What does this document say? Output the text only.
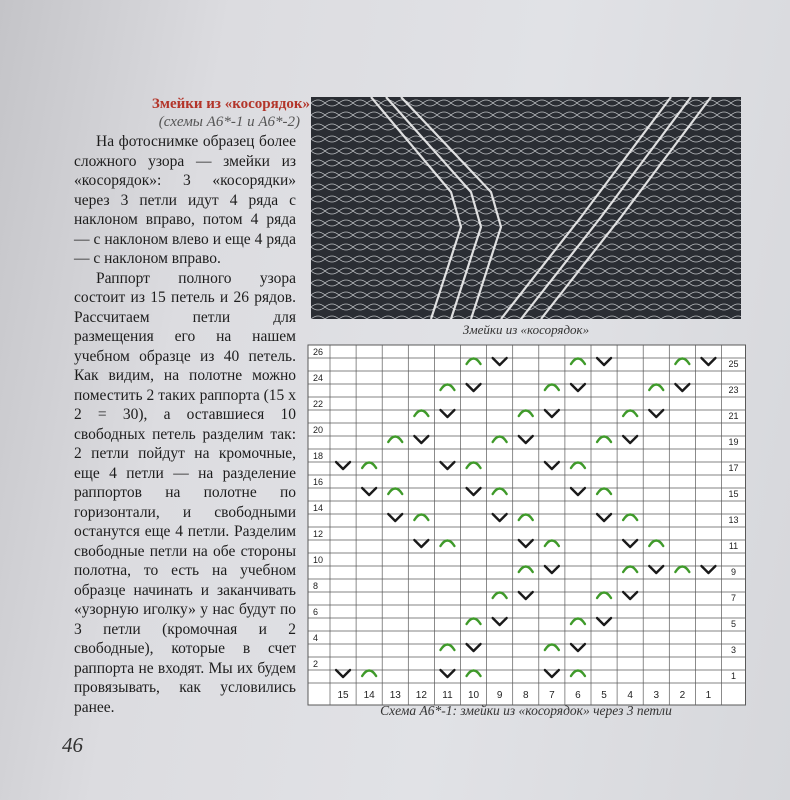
Змейки из «косорядок»
(схемы А6*-1 и А6*-2)

На фотоснимке образец более сложного узора — змейки из «косорядок»: 3 «косорядки» через 3 петли идут 4 ряда с наклоном вправо, потом 4 ряда — с наклоном влево и еще 4 ряда — с наклоном вправо.

Раппорт полного узора состоит из 15 петель и 26 рядов. Рассчитаем петли для размещения его на нашем учебном образце из 40 петель. Как видим, на полотне можно поместить 2 таких раппорта (15 х 2 = 30), а оставшиеся 10 свободных петель разделим так: 2 петли пойдут на кромочные, еще 4 петли — на разделение раппортов на полотне по горизонтали, и свободными останутся еще 4 петли. Разделим свободные петли на обе стороны полотна, то есть на учебном образце начинать и заканчивать «узорную иголку» у нас будут по 3 петли (кромочная и 2 свободные), которые в счет раппорта не входят. Мы их будем провязывать, как условились ранее.

Змейки из «косорядок»
15 14 13 12 11 10 9 8 7 6 5 4 3 2 1
26
24
22
20
18
16
14
12
10
8
6
4
2
25
23
21
19
17
15
13
11
9
7
5
3
1
Схема А6*-1: змейки из «косорядок» через 3 петли
46
